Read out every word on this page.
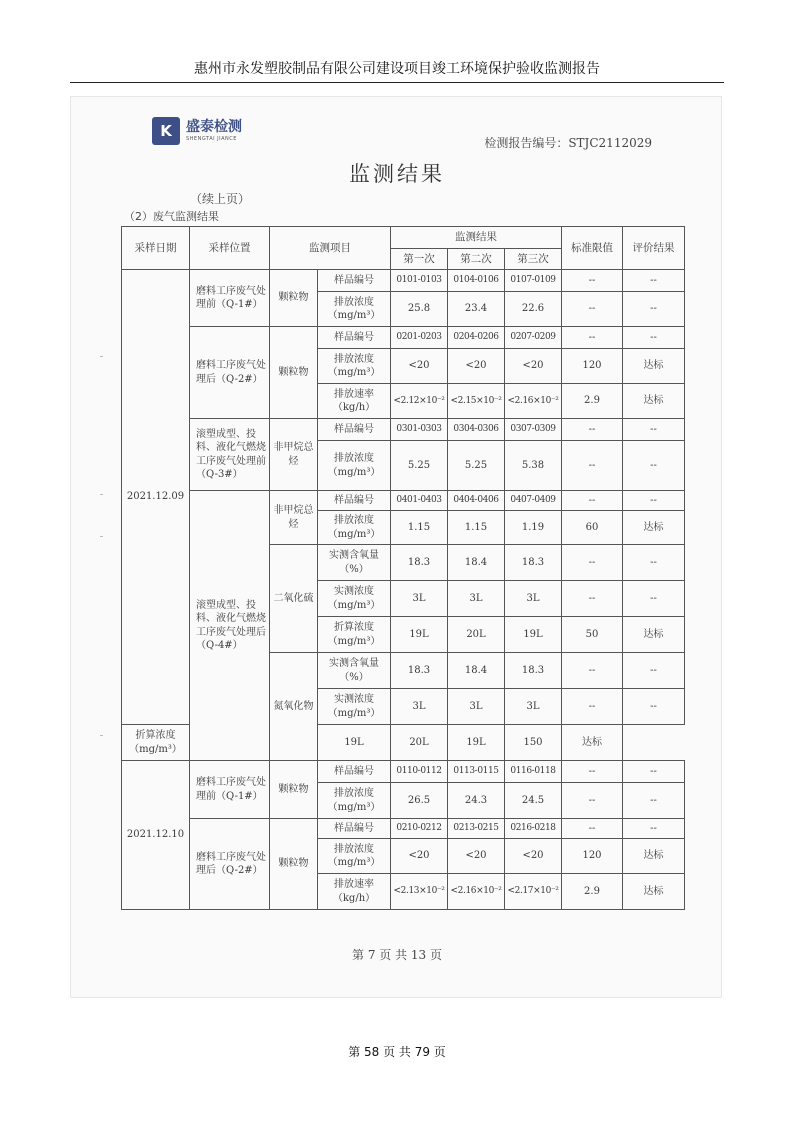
惠州市永发塑胶制品有限公司建设项目竣工环境保护验收监测报告
K	盛泰检测
SHENGTAI JIANCE	检测报告编号：STJC2112029
监测结果
（续上页）
（2）废气监测结果
采样日期	采样位置	监测项目		监测结果			标准限值	评价结果
				第一次	第二次	第三次		
2021.12.09	磨料工序废气处理前（Q-1#）	颗粒物	样品编号	0101-0103	0104-0106	0107-0109	--	--
			排放浓度（mg/m³）	25.8	23.4	22.6	--	--
	磨料工序废气处理后（Q-2#）	颗粒物	样品编号	0201-0203	0204-0206	0207-0209	--	--
			排放浓度（mg/m³）	<20	<20	<20	120	达标
			排放速率（kg/h）	<2.12×10⁻²	<2.15×10⁻²	<2.16×10⁻²	2.9	达标
	滚塑成型、投料、液化气燃烧工序废气处理前（Q-3#）	非甲烷总烃	样品编号	0301-0303	0304-0306	0307-0309	--	--
			排放浓度（mg/m³）	5.25	5.25	5.38	--	--
	滚塑成型、投料、液化气燃烧工序废气处理后（Q-4#）	非甲烷总烃	样品编号	0401-0403	0404-0406	0407-0409	--	--
			排放浓度（mg/m³）	1.15	1.15	1.19	60	达标
		二氧化硫	实测含氧量（%）	18.3	18.4	18.3	--	--
			实测浓度（mg/m³）	3L	3L	3L	--	--
			折算浓度（mg/m³）	19L	20L	19L	50	达标
		氮氧化物	实测含氧量（%）	18.3	18.4	18.3	--	--
			实测浓度（mg/m³）	3L	3L	3L	--	--
折算浓度（mg/m³）			19L	20L	19L	150	达标	
2021.12.10	磨料工序废气处理前（Q-1#）	颗粒物	样品编号	0110-0112	0113-0115	0116-0118	--	--
			排放浓度（mg/m³）	26.5	24.3	24.5	--	--
	磨料工序废气处理后（Q-2#）	颗粒物	样品编号	0210-0212	0213-0215	0216-0218	--	--
			排放浓度（mg/m³）	<20	<20	<20	120	达标
			排放速率（kg/h）	<2.13×10⁻²	<2.16×10⁻²	<2.17×10⁻²	2.9	达标
第 7 页 共 13 页
第 58 页 共 79 页
